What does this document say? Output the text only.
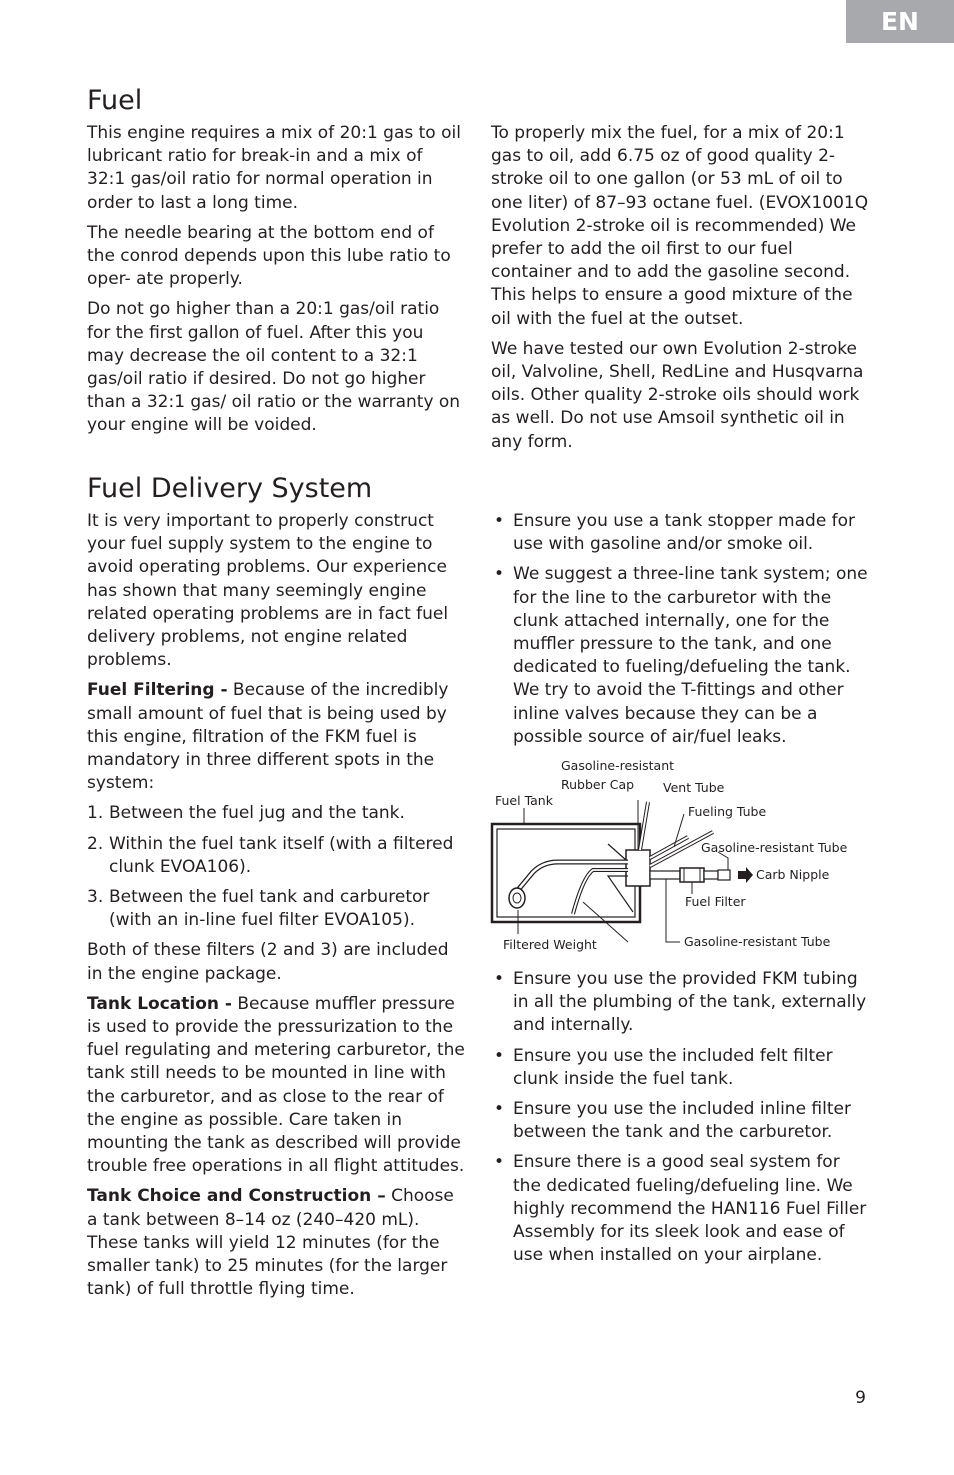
EN
Fuel

This engine requires a mix of 20:1 gas to oil lubricant ratio for break-in and a mix of 32:1 gas/oil ratio for normal operation in order to last a long time.

The needle bearing at the bottom end of the conrod depends upon this lube ratio to oper- ate properly.

Do not go higher than a 20:1 gas/oil ratio for the first gallon of fuel. After this you may decrease the oil content to a 32:1 gas/oil ratio if desired. Do not go higher than a 32:1 gas/ oil ratio or the warranty on your engine will be voided.

To properly mix the fuel, for a mix of 20:1 gas to oil, add 6.75 oz of good quality 2-stroke oil to one gallon (or 53 mL of oil to one liter) of 87–93 octane fuel. (EVOX1001Q Evolution 2-stroke oil is recommended) We prefer to add the oil first to our fuel container and to add the gasoline second. This helps to ensure a good mixture of the oil with the fuel at the outset.

We have tested our own Evolution 2-stroke oil, Valvoline, Shell, RedLine and Husqvarna oils. Other quality 2-stroke oils should work as well. Do not use Amsoil synthetic oil in any form.

Fuel Delivery System

It is very important to properly construct your fuel supply system to the engine to avoid operating problems. Our experience has shown that many seemingly engine related operating problems are in fact fuel delivery problems, not engine related problems.

Fuel Filtering - Because of the incredibly small amount of fuel that is being used by this engine, filtration of the FKM fuel is mandatory in three different spots in the system:

1. Between the fuel jug and the tank.
2. Within the fuel tank itself (with a filtered clunk EVOA106).
3. Between the fuel tank and carburetor (with an in-line fuel filter EVOA105).

Both of these filters (2 and 3) are included in the engine package.

Tank Location - Because muffler pressure is used to provide the pressurization to the fuel regulating and metering carburetor, the tank still needs to be mounted in line with the carburetor, and as close to the rear of the engine as possible. Care taken in mounting the tank as described will provide trouble free operations in all flight attitudes.

Tank Choice and Construction – Choose a tank between 8–14 oz (240–420 mL). These tanks will yield 12 minutes (for the smaller tank) to 25 minutes (for the larger tank) of full throttle flying time.

• Ensure you use a tank stopper made for use with gasoline and/or smoke oil.
• We suggest a three-line tank system; one for the line to the carburetor with the clunk attached internally, one for the muffler pressure to the tank, and one dedicated to fueling/defueling the tank. We try to avoid the T-fittings and other inline valves because they can be a possible source of air/fuel leaks.
Gasoline-resistant
Rubber Cap
Fuel Tank
Vent Tube
Fueling Tube
Gasoline-resistant Tube
Carb Nipple
Fuel Filter
Filtered Weight	Gasoline-resistant Tube
• Ensure you use the provided FKM tubing in all the plumbing of the tank, externally and internally.
• Ensure you use the included felt filter clunk inside the fuel tank.
• Ensure you use the included inline filter between the tank and the carburetor.
• Ensure there is a good seal system for the dedicated fueling/defueling line. We highly recommend the HAN116 Fuel Filler Assembly for its sleek look and ease of use when installed on your airplane.
9
